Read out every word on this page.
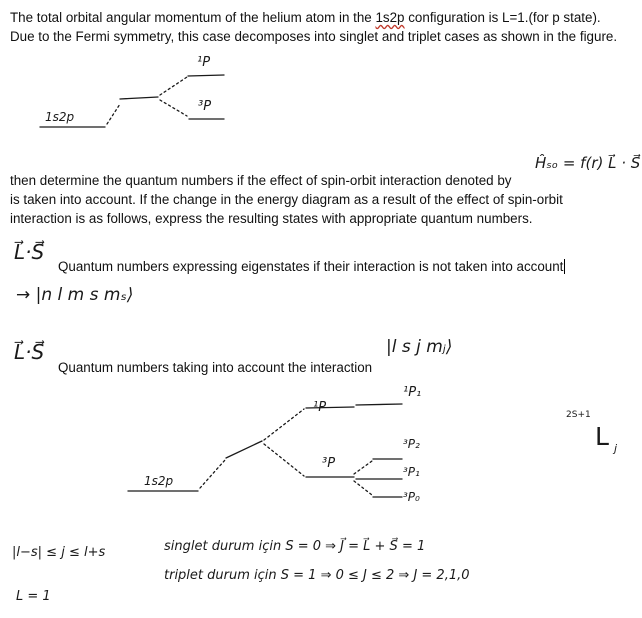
The total orbital angular momentum of the helium atom in the 1s2p configuration is L=1.(for p state).
Due to the Fermi symmetry, this case decomposes into singlet and triplet cases as shown in the figure.
¹P
³P
1s2p
Ĥₛₒ = f(r) L⃗ · S⃗
then determine the quantum numbers if the effect of spin-orbit interaction denoted by
is taken into account. If the change in the energy diagram as a result of the effect of spin-orbit
interaction is as follows, express the resulting states with appropriate quantum numbers.
L⃗·S⃗
Quantum numbers expressing eigenstates if their interaction is not taken into account
→ |n l m s mₛ⟩
L⃗·S⃗	|l s j mⱼ⟩
Quantum numbers taking into account the interaction
¹P₁
¹P
³P₂
³P
³P₁
³P₀
1s2p
2S+1
L j
|l−s| ≤ j ≤ l+s	singlet durum için S = 0 ⇒ J⃗ = L⃗ + S⃗ = 1
triplet durum için S = 1 ⇒ 0 ≤ J ≤ 2 ⇒ J = 2,1,0
L = 1
